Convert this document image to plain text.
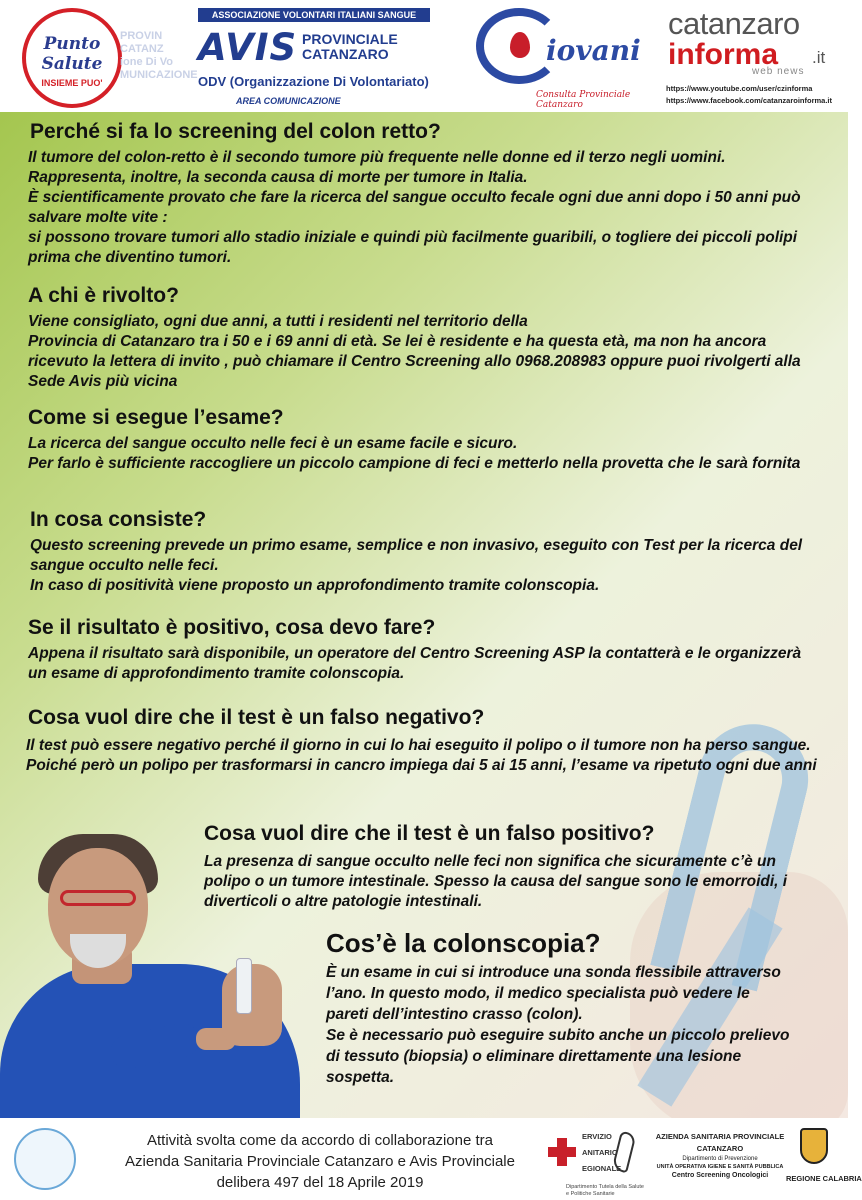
Punto
Salute
INSIEME PUO'
PROVIN
CATANZ
ione Di Vo
MUNICAZIONE
ASSOCIAZIONE VOLONTARI ITALIANI SANGUE
AVIS PROVINCIALE
CATANZARO
ODV (Organizzazione Di Volontariato)
AREA COMUNICAZIONE
iovani
Consulta Provinciale Catanzaro
catanzaro
informa .it
web news
https://www.youtube.com/user/czinforma
https://www.facebook.com/catanzaroinforma.it
Perché si fa lo screening del colon retto?
Il tumore del colon-retto è il secondo tumore più frequente nelle donne ed il terzo negli uomini. Rappresenta, inoltre, la seconda causa di morte per tumore in Italia.
È scientificamente provato che fare la ricerca del sangue occulto fecale ogni due anni dopo i 50 anni può salvare molte vite :
si possono trovare tumori allo stadio iniziale e quindi più facilmente guaribili, o togliere dei piccoli polipi prima che diventino tumori.
A chi è rivolto?
Viene consigliato, ogni due anni, a tutti i residenti nel territorio della
Provincia di Catanzaro tra i 50 e i 69 anni di età. Se lei è residente e ha questa età, ma non ha ancora ricevuto la lettera di invito , può chiamare il Centro Screening allo 0968.208983 oppure puoi rivolgerti alla Sede Avis più vicina
Come si esegue l’esame?
La ricerca del sangue occulto nelle feci è un esame facile e sicuro.
Per farlo è sufficiente raccogliere un piccolo campione di feci e metterlo nella provetta che le sarà fornita
In cosa consiste?
Questo screening prevede un primo esame, semplice e non invasivo, eseguito con Test per la ricerca del sangue occulto nelle feci.
In caso di positività viene proposto un approfondimento tramite colonscopia.
Se il risultato è positivo, cosa devo fare?
Appena il risultato sarà disponibile, un operatore del Centro Screening ASP la contatterà e le organizzerà un esame di approfondimento tramite colonscopia.
Cosa vuol dire che il test è un falso negativo?
Il test può essere negativo perché il giorno in cui lo hai eseguito il polipo o il tumore non ha perso sangue. Poiché però un polipo per trasformarsi in cancro impiega dai 5 ai 15 anni, l’esame va ripetuto ogni due anni
Cosa vuol dire che il test è un falso positivo?
La presenza di sangue occulto nelle feci non significa che sicuramente c’è un polipo o un tumore intestinale. Spesso la causa del sangue sono le emorroidi, i diverticoli o altre patologie intestinali.
Cos’è la colonscopia?
È un esame in cui si introduce una sonda flessibile attraverso l’ano. In questo modo, il medico specialista può vedere le pareti dell’intestino crasso (colon).
Se è necessario può eseguire subito anche un piccolo prelievo di tessuto (biopsia) o eliminare direttamente una lesione sospetta.
Attività svolta come da accordo di collaborazione tra
Azienda Sanitaria Provinciale Catanzaro e Avis Provinciale
delibera 497 del 18 Aprile 2019
ERVIZIO
ANITARIO
EGIONALE
Dipartimento Tutela della Salute
e Politiche Sanitarie
AZIENDA SANITARIA PROVINCIALE
CATANZARO
Dipartimento di Prevenzione
UNITÀ OPERATIVA IGIENE E SANITÀ PUBBLICA
Centro Screening Oncologici	REGIONE CALABRIA
